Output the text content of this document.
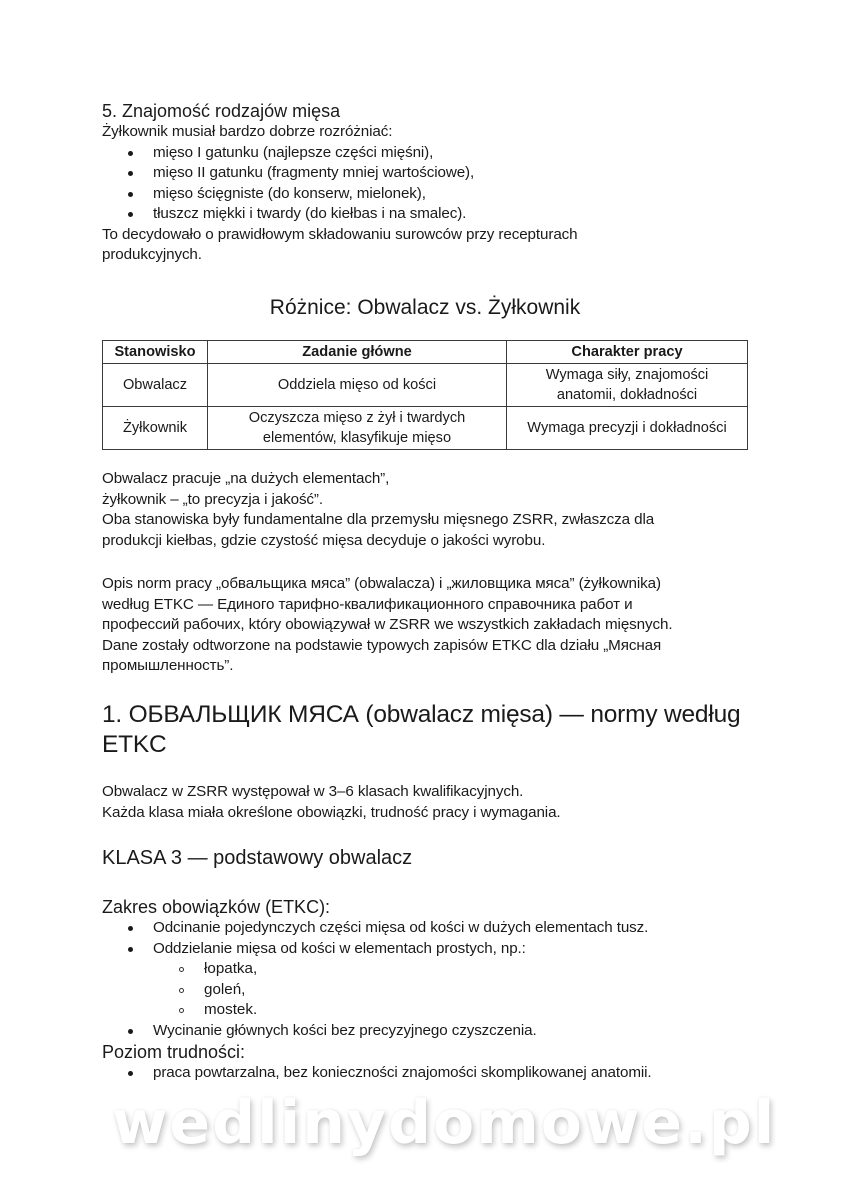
5. Znajomość rodzajów mięsa

Żyłkownik musiał bardzo dobrze rozróżniać:

mięso I gatunku (najlepsze części mięśni),
mięso II gatunku (fragmenty mniej wartościowe),
mięso ścięgniste (do konserw, mielonek),
tłuszcz miękki i twardy (do kiełbas i na smalec).

To decydowało o prawidłowym składowaniu surowców przy recepturach

produkcyjnych.

Różnice: Obwalacz vs. Żyłkownik
Stanowisko	Zadanie główne	Charakter pracy
Obwalacz	Oddziela mięso od kości	Wymaga siły, znajomości
anatomii, dokładności
Żyłkownik	Oczyszcza mięso z żył i twardych
elementów, klasyfikuje mięso	Wymaga precyzji i dokładności

Obwalacz pracuje „na dużych elementach”,

żyłkownik – „to precyzja i jakość”.

Oba stanowiska były fundamentalne dla przemysłu mięsnego ZSRR, zwłaszcza dla

produkcji kiełbas, gdzie czystość mięsa decyduje o jakości wyrobu.

Opis norm pracy „обвальщика мяса” (obwalacza) i „жиловщика мяса” (żyłkownika)

według ETKC — Единого тарифно-квалификационного справочника работ и

профессий рабочих, który obowiązywał w ZSRR we wszystkich zakładach mięsnych.

Dane zostały odtworzone na podstawie typowych zapisów ETKC dla działu „Мясная

промышленность”.

1. ОБВАЛЬЩИК МЯСА (obwalacz mięsa) — normy według

ETKC

Obwalacz w ZSRR występował w 3–6 klasach kwalifikacyjnych.

Każda klasa miała określone obowiązki, trudność pracy i wymagania.

KLASA 3 — podstawowy obwalacz

Zakres obowiązków (ETKC):

Odcinanie pojedynczych części mięsa od kości w dużych elementach tusz.
Oddzielanie mięsa od kości w elementach prostych, np.:
łopatka,
goleń,
mostek.
Wycinanie głównych kości bez precyzyjnego czyszczenia.

Poziom trudności:

praca powtarzalna, bez konieczności znajomości skomplikowanej anatomii.
wedlinydomowe.pl
